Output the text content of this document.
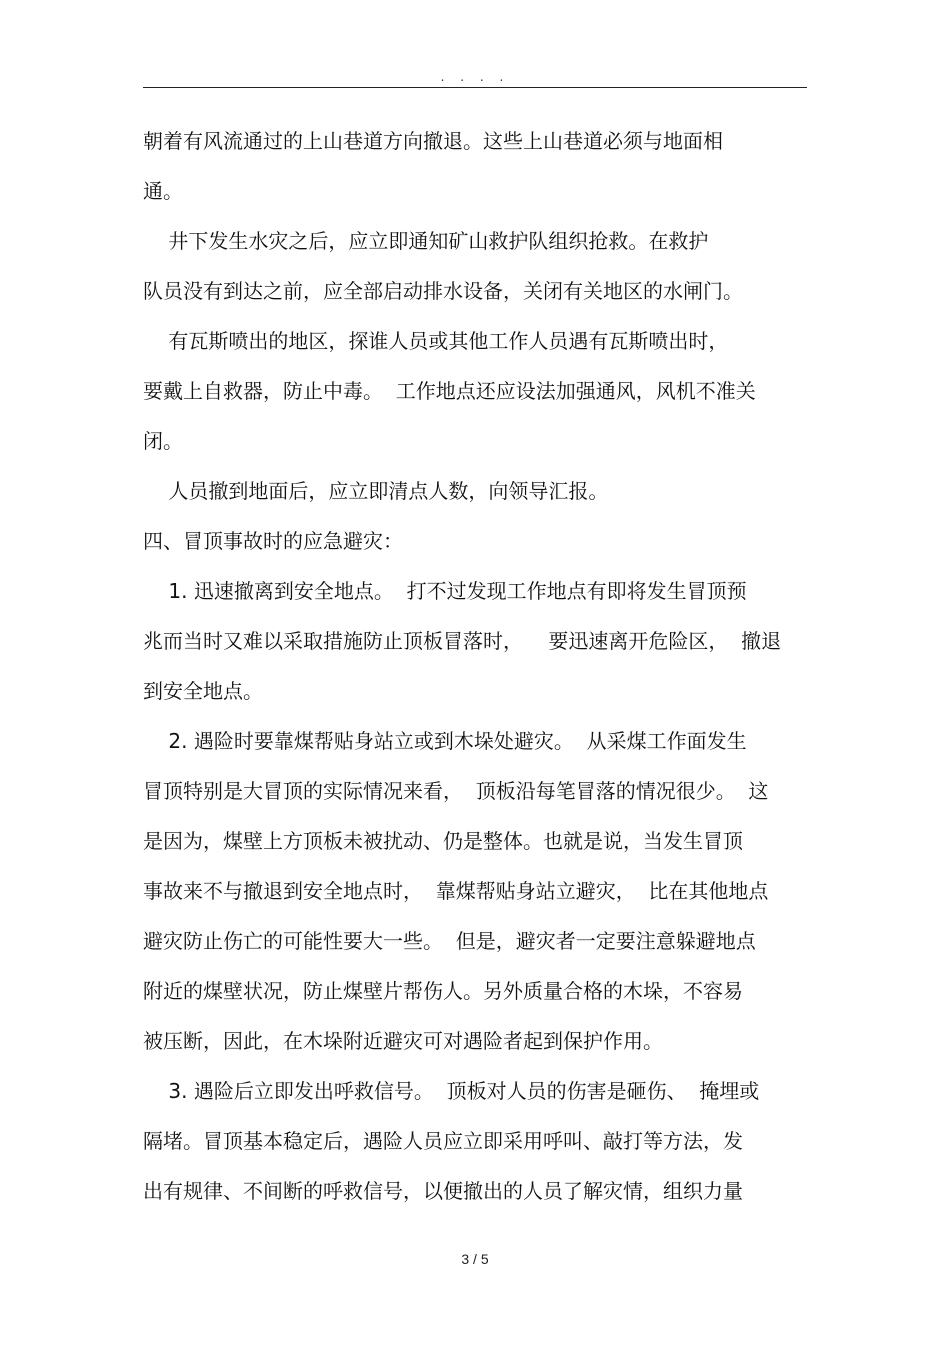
. . . .
朝着有风流通过的上山巷道方向撤退。这些上山巷道必须与地面相
通。
井下发生水灾之后，应立即通知矿山救护队组织抢救。在救护
队员没有到达之前，应全部启动排水设备，关闭有关地区的水闸门。
有瓦斯喷出的地区，探谁人员或其他工作人员遇有瓦斯喷出时，
要戴上自救器，防止中毒。  工作地点还应设法加强通风，风机不准关
闭。
人员撤到地面后，应立即清点人数，向领导汇报。
四、冒顶事故时的应急避灾：
1. 迅速撤离到安全地点。  打不过发现工作地点有即将发生冒顶预
兆而当时又难以采取措施防止顶板冒落时，    要迅速离开危险区，  撤退
到安全地点。
2. 遇险时要靠煤帮贴身站立或到木垛处避灾。  从采煤工作面发生
冒顶特别是大冒顶的实际情况来看，  顶板沿每笔冒落的情况很少。  这
是因为，煤壁上方顶板未被扰动、仍是整体。也就是说，当发生冒顶
事故来不与撤退到安全地点时，  靠煤帮贴身站立避灾，  比在其他地点
避灾防止伤亡的可能性要大一些。  但是，避灾者一定要注意躲避地点
附近的煤壁状况，防止煤壁片帮伤人。另外质量合格的木垛，不容易
被压断，因此，在木垛附近避灾可对遇险者起到保护作用。
3. 遇险后立即发出呼救信号。  顶板对人员的伤害是砸伤、  掩埋或
隔堵。冒顶基本稳定后，遇险人员应立即采用呼叫、敲打等方法，发
出有规律、不间断的呼救信号，以便撤出的人员了解灾情，组织力量
3 / 5
